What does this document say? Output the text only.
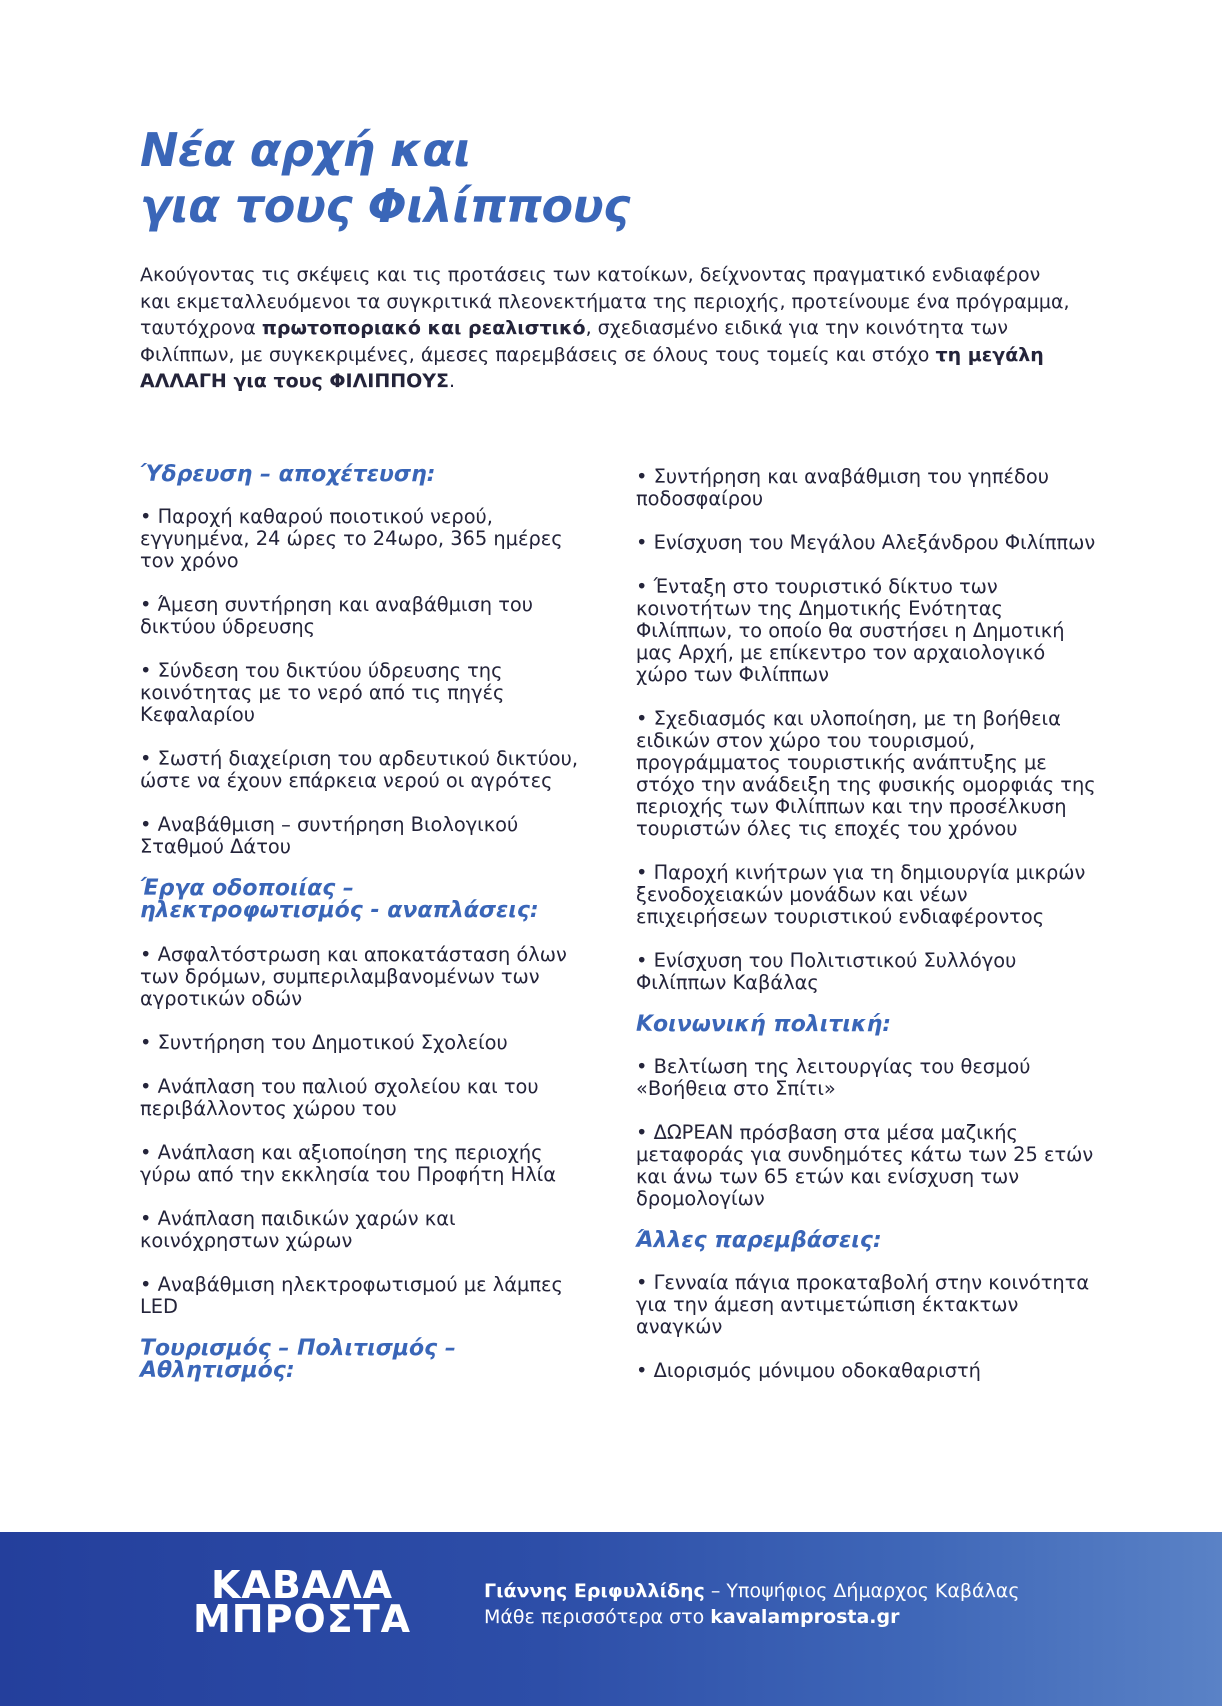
Νέα αρχή και
για τους Φιλίππους

Ακούγοντας τις σκέψεις και τις προτάσεις των κατοίκων, δείχνοντας πραγματικό ενδιαφέρον και εκμεταλλευόμενοι τα συγκριτικά πλεονεκτήματα της περιοχής, προτείνουμε ένα πρόγραμμα, ταυτόχρονα πρωτοποριακό και ρεαλιστικό, σχεδιασμένο ειδικά για την κοινότητα των Φιλίππων, με συγκεκριμένες, άμεσες παρεμβάσεις σε όλους τους τομείς και στόχο τη μεγάλη ΑΛΛΑΓΗ για τους ΦΙΛΙΠΠΟΥΣ.

Ύδρευση – αποχέτευση:

• Παροχή καθαρού ποιοτικού νερού, εγγυημένα, 24 ώρες το 24ωρο, 365 ημέρες τον χρόνο

• Άμεση συντήρηση και αναβάθμιση του δικτύου ύδρευσης

• Σύνδεση του δικτύου ύδρευσης της κοινότητας με το νερό από τις πηγές Κεφαλαρίου

• Σωστή διαχείριση του αρδευτικού δικτύου, ώστε να έχουν επάρκεια νερού οι αγρότες

• Αναβάθμιση – συντήρηση Βιολογικού Σταθμού Δάτου

Έργα οδοποιίας – ηλεκτροφωτισμός - αναπλάσεις:

• Ασφαλτόστρωση και αποκατάσταση όλων των δρόμων, συμπεριλαμβανομένων των αγροτικών οδών

• Συντήρηση του Δημοτικού Σχολείου

• Ανάπλαση του παλιού σχολείου και του περιβάλλοντος χώρου του

• Ανάπλαση και αξιοποίηση της περιοχής γύρω από την εκκλησία του Προφήτη Ηλία

• Ανάπλαση παιδικών χαρών και κοινόχρηστων χώρων

• Αναβάθμιση ηλεκτροφωτισμού με λάμπες LED

Τουρισμός – Πολιτισμός – Αθλητισμός:

• Συντήρηση και αναβάθμιση του γηπέδου ποδοσφαίρου

• Ενίσχυση του Μεγάλου Αλεξάνδρου Φιλίππων

• Ένταξη στο τουριστικό δίκτυο των κοινοτήτων της Δημοτικής Ενότητας Φιλίππων, το οποίο θα συστήσει η Δημοτική μας Αρχή, με επίκεντρο τον αρχαιολογικό χώρο των Φιλίππων

• Σχεδιασμός και υλοποίηση, με τη βοήθεια ειδικών στον χώρο του τουρισμού, προγράμματος τουριστικής ανάπτυξης με στόχο την ανάδειξη της φυσικής ομορφιάς της περιοχής των Φιλίππων και την προσέλκυση τουριστών όλες τις εποχές του χρόνου

• Παροχή κινήτρων για τη δημιουργία μικρών ξενοδοχειακών μονάδων και νέων επιχειρήσεων τουριστικού ενδιαφέροντος

• Ενίσχυση του Πολιτιστικού Συλλόγου Φιλίππων Καβάλας

Κοινωνική πολιτική:

• Βελτίωση της λειτουργίας του θεσμού «Βοήθεια στο Σπίτι»

• ΔΩΡΕΑΝ πρόσβαση στα μέσα μαζικής μεταφοράς για συνδημότες κάτω των 25 ετών και άνω των 65 ετών και ενίσχυση των δρομολογίων

Άλλες παρεμβάσεις:

• Γενναία πάγια προκαταβολή στην κοινότητα για την άμεση αντιμετώπιση έκτακτων αναγκών

• Διορισμός μόνιμου οδοκαθαριστή

ΚΑΒΑΛΑ
ΜΠΡΟΣΤΑ
Γιάννης Εριφυλλίδης – Υποψήφιος Δήμαρχος Καβάλας
Μάθε περισσότερα στο kavalamprosta.gr
